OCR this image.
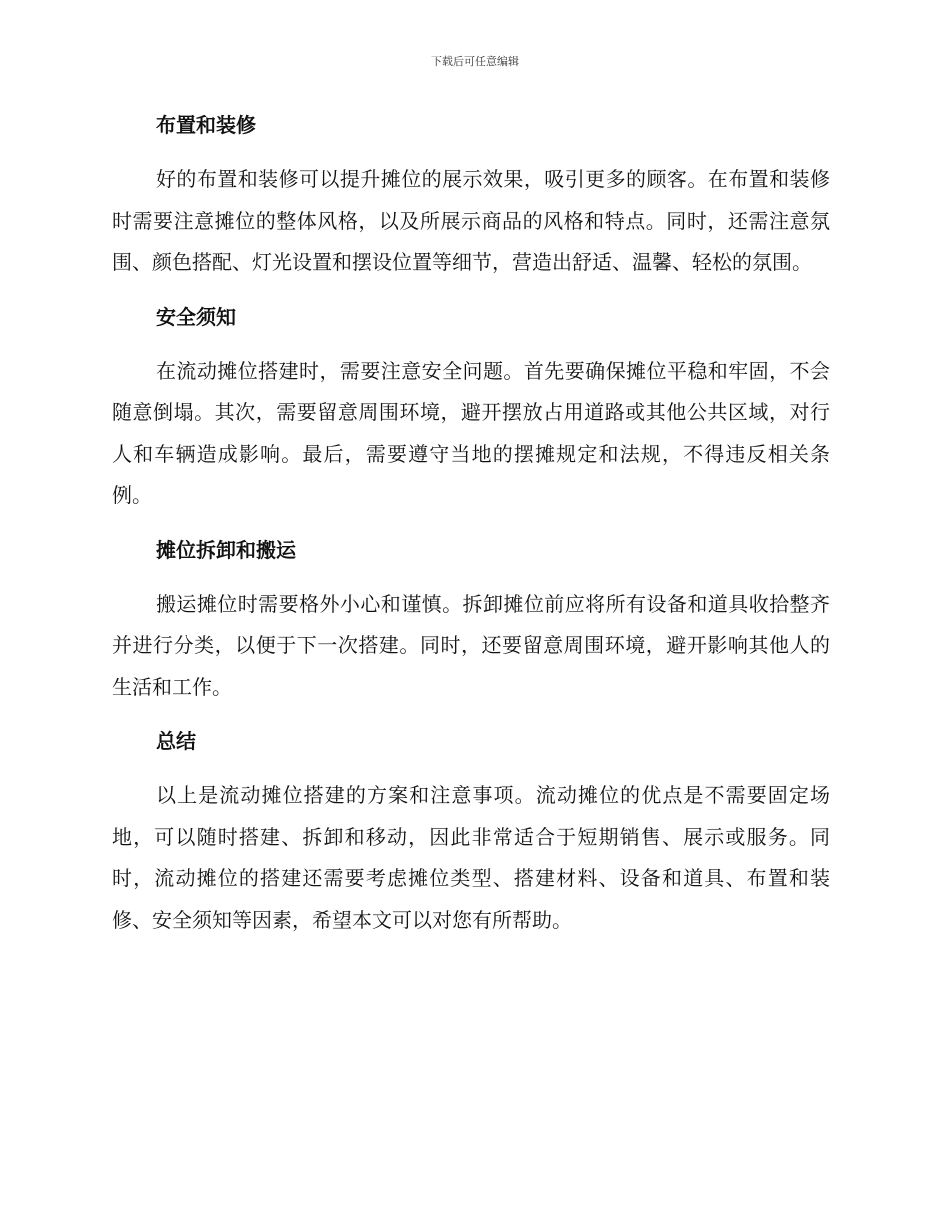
下载后可任意编辑
布置和装修

好的布置和装修可以提升摊位的展示效果，吸引更多的顾客。在布置和装修时需要注意摊位的整体风格，以及所展示商品的风格和特点。同时，还需注意氛围、颜色搭配、灯光设置和摆设位置等细节，营造出舒适、温馨、轻松的氛围。

安全须知

在流动摊位搭建时，需要注意安全问题。首先要确保摊位平稳和牢固，不会随意倒塌。其次，需要留意周围环境，避开摆放占用道路或其他公共区域，对行人和车辆造成影响。最后，需要遵守当地的摆摊规定和法规，不得违反相关条例。

摊位拆卸和搬运

搬运摊位时需要格外小心和谨慎。拆卸摊位前应将所有设备和道具收拾整齐并进行分类，以便于下一次搭建。同时，还要留意周围环境，避开影响其他人的生活和工作。

总结

以上是流动摊位搭建的方案和注意事项。流动摊位的优点是不需要固定场地，可以随时搭建、拆卸和移动，因此非常适合于短期销售、展示或服务。同时，流动摊位的搭建还需要考虑摊位类型、搭建材料、设备和道具、布置和装修、安全须知等因素，希望本文可以对您有所帮助。
